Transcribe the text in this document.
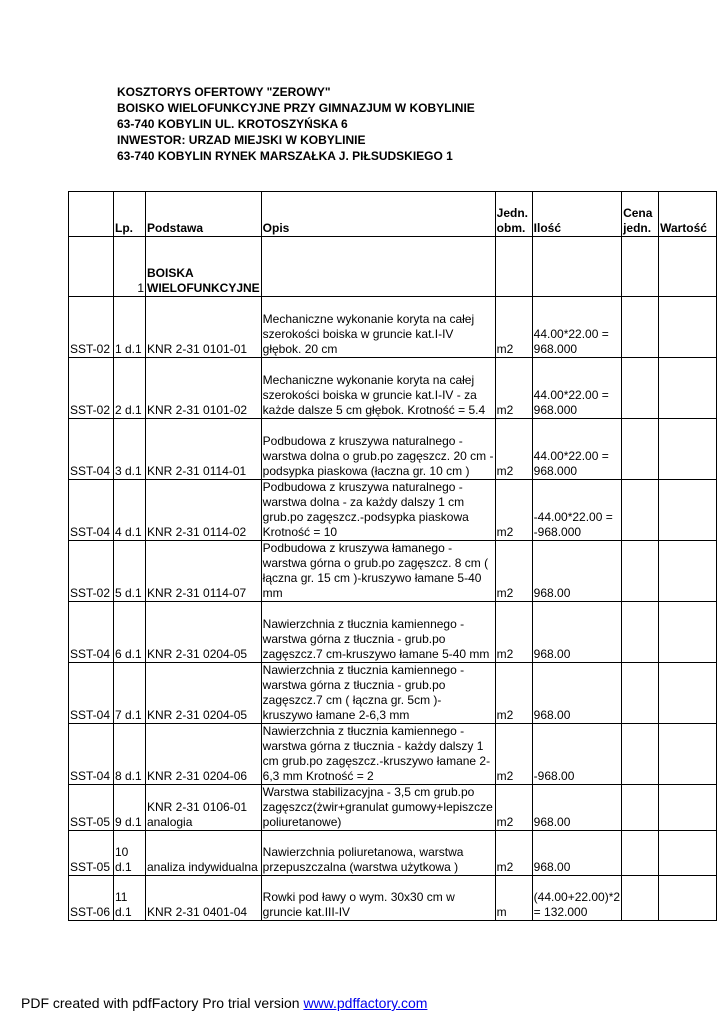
KOSZTORYS OFERTOWY "ZEROWY"
BOISKO WIELOFUNKCYJNE PRZY GIMNAZJUM W KOBYLINIE
63-740 KOBYLIN UL. KROTOSZYŃSKA 6
INWESTOR: URZAD MIEJSKI W KOBYLINIE
63-740 KOBYLIN RYNEK MARSZAŁKA J. PIŁSUDSKIEGO 1
	Lp.	Podstawa	Opis	Jedn. obm.	Ilość	Cena jedn.	Wartość
	1	BOISKA WIELOFUNKCYJNE					
SST-02	1 d.1	KNR 2-31 0101-01	Mechaniczne wykonanie koryta na całej szerokości boiska w gruncie kat.I-IV głębok. 20 cm	m2	44.00*22.00 = 968.000		
SST-02	2 d.1	KNR 2-31 0101-02	Mechaniczne wykonanie koryta na całej szerokości boiska w gruncie kat.I-IV - za każde dalsze 5 cm głębok. Krotność = 5.4	m2	44.00*22.00 = 968.000		
SST-04	3 d.1	KNR 2-31 0114-01	Podbudowa z kruszywa naturalnego - warstwa dolna o grub.po zagęszcz. 20 cm - podsypka piaskowa (łaczna gr. 10 cm )	m2	44.00*22.00 = 968.000		
SST-04	4 d.1	KNR 2-31 0114-02	Podbudowa z kruszywa naturalnego - warstwa dolna - za każdy dalszy 1 cm grub.po zagęszcz.-podsypka piaskowa Krotność = 10	m2	-44.00*22.00 = -968.000		
SST-02	5 d.1	KNR 2-31 0114-07	Podbudowa z kruszywa łamanego - warstwa górna o grub.po zagęszcz. 8 cm ( łączna gr. 15 cm )-kruszywo łamane 5-40 mm	m2	968.00		
SST-04	6 d.1	KNR 2-31 0204-05	Nawierzchnia z tłucznia kamiennego - warstwa górna z tłucznia - grub.po zagęszcz.7 cm-kruszywo łamane 5-40 mm	m2	968.00		
SST-04	7 d.1	KNR 2-31 0204-05	Nawierzchnia z tłucznia kamiennego - warstwa górna z tłucznia - grub.po zagęszcz.7 cm ( łączna gr. 5cm )- kruszywo łamane 2-6,3 mm	m2	968.00		
SST-04	8 d.1	KNR 2-31 0204-06	Nawierzchnia z tłucznia kamiennego - warstwa górna z tłucznia - każdy dalszy 1 cm grub.po zagęszcz.-kruszywo łamane 2-6,3 mm Krotność = 2	m2	-968.00		
SST-05	9 d.1	KNR 2-31 0106-01 analogia	Warstwa stabilizacyjna - 3,5 cm grub.po zagęszcz(żwir+granulat gumowy+lepiszcze poliuretanowe)	m2	968.00		
SST-05	10 d.1	analiza indywidualna	Nawierzchnia poliuretanowa, warstwa przepuszczalna (warstwa użytkowa )	m2	968.00		
SST-06	11 d.1	KNR 2-31 0401-04	Rowki pod ławy o wym. 30x30 cm w gruncie kat.III-IV	m	(44.00+22.00)*2 = 132.000		
PDF created with pdfFactory Pro trial version www.pdffactory.com
